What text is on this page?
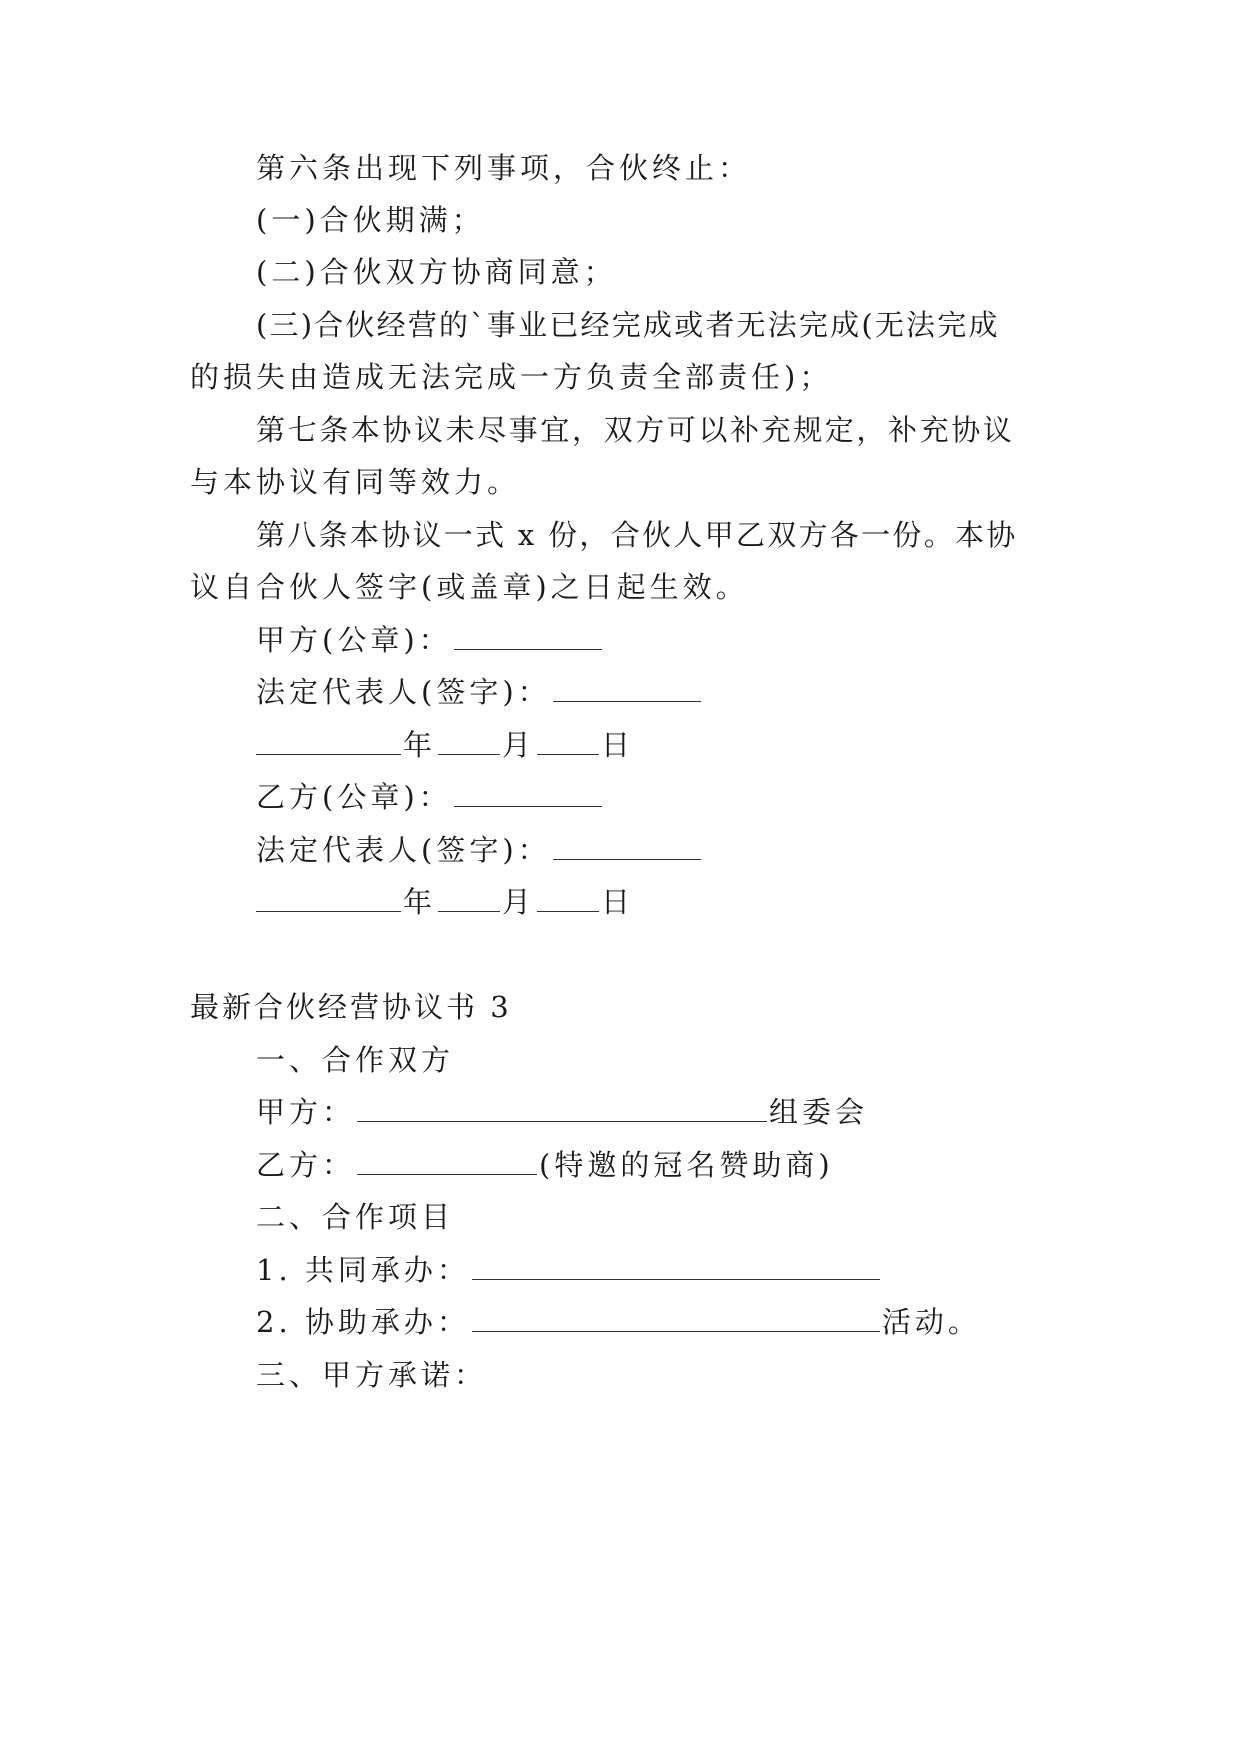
第六条出现下列事项，合伙终止：
(一)合伙期满；
(二)合伙双方协商同意；
(三)合伙经营的`事业已经完成或者无法完成(无法完成
的损失由造成无法完成一方负责全部责任)；
第七条本协议未尽事宜，双方可以补充规定，补充协议
与本协议有同等效力。
第八条本协议一式 x 份，合伙人甲乙双方各一份。本协
议自合伙人签字(或盖章)之日起生效。
甲方(公章)：
法定代表人(签字)：
年 月 日
乙方(公章)：
法定代表人(签字)：
年 月 日
最新合伙经营协议书 3
一、合作双方
甲方：	组委会
乙方：	(特邀的冠名赞助商)
二、合作项目
1. 共同承办：
2. 协助承办：	活动。
三、甲方承诺：
